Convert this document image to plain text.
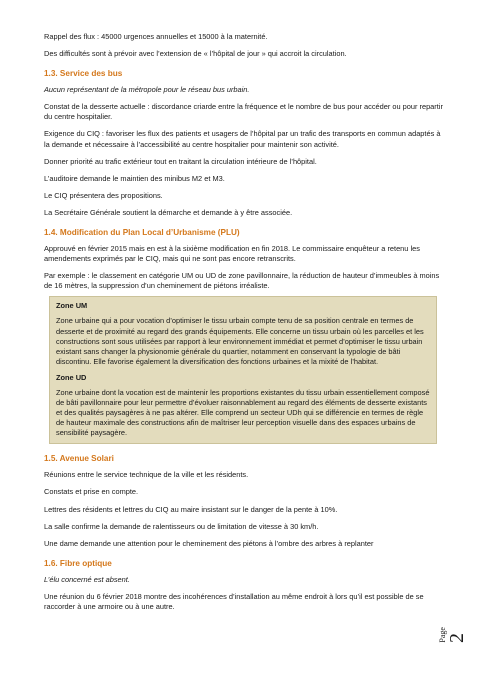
Rappel des flux : 45000 urgences annuelles et 15000 à la maternité.

Des difficultés sont à prévoir avec l’extension de « l’hôpital de jour » qui accroit la circulation.

1.3. Service des bus

Aucun représentant de la métropole pour le réseau bus urbain.

Constat de la desserte actuelle : discordance criarde entre la fréquence et le nombre de bus pour accéder ou pour repartir du centre hospitalier.

Exigence du CIQ : favoriser les flux des patients et usagers de l’hôpital par un trafic des transports en commun adaptés à la demande et nécessaire à l’accessibilité au centre hospitalier pour maintenir son activité.

Donner priorité au trafic extérieur tout en traitant la circulation intérieure de l’hôpital.

L’auditoire demande le maintien des minibus M2 et M3.

Le CIQ présentera des propositions.

La Secrétaire Générale soutient la démarche et demande à y être associée.

1.4. Modification du Plan Local d’Urbanisme (PLU)

Approuvé en février 2015 mais en est à la sixième modification en fin 2018. Le commissaire enquêteur a retenu les amendements exprimés par le CIQ, mais qui ne sont pas encore retranscrits.

Par exemple : le classement en catégorie UM ou UD de zone pavillonnaire, la réduction de hauteur d’immeubles à moins de 16 mètres, la suppression d’un cheminement de piétons irréaliste.

Zone UM

Zone urbaine qui a pour vocation d’optimiser le tissu urbain compte tenu de sa position centrale en termes de desserte et de proximité au regard des grands équipements. Elle concerne un tissu urbain où les parcelles et les constructions sont sous utilisées par rapport à leur environnement immédiat et permet d’optimiser le tissu urbain existant sans changer la physionomie générale du quartier, notamment en conservant la typologie de bâti discontinu. Elle favorise également la diversification des fonctions urbaines et la mixité de l’habitat.

Zone UD

Zone urbaine dont la vocation est de maintenir les proportions existantes du tissu urbain essentiellement composé de bâti pavillonnaire pour leur permettre d’évoluer raisonnablement au regard des éléments de desserte existants et des qualités paysagères à ne pas altérer. Elle comprend un secteur UDh qui se différencie en termes de règle de hauteur maximale des constructions afin de maîtriser leur perception visuelle dans des espaces urbains de sensibilité paysagère.

1.5. Avenue Solari

Réunions entre le service technique de la ville et les résidents.

Constats et prise en compte.

Lettres des résidents et lettres du CIQ au maire insistant sur le danger de la pente à 10%.

La salle confirme la demande de ralentisseurs ou de limitation de vitesse à 30 km/h.

Une dame demande une attention pour le cheminement des piétons à l’ombre des arbres à replanter

1.6. Fibre optique

L’élu concerné est absent.

Une réunion du 6 février 2018 montre des incohérences d’installation au même endroit à lors qu’il est possible de se raccorder à une armoire ou à une autre.

Page 2
